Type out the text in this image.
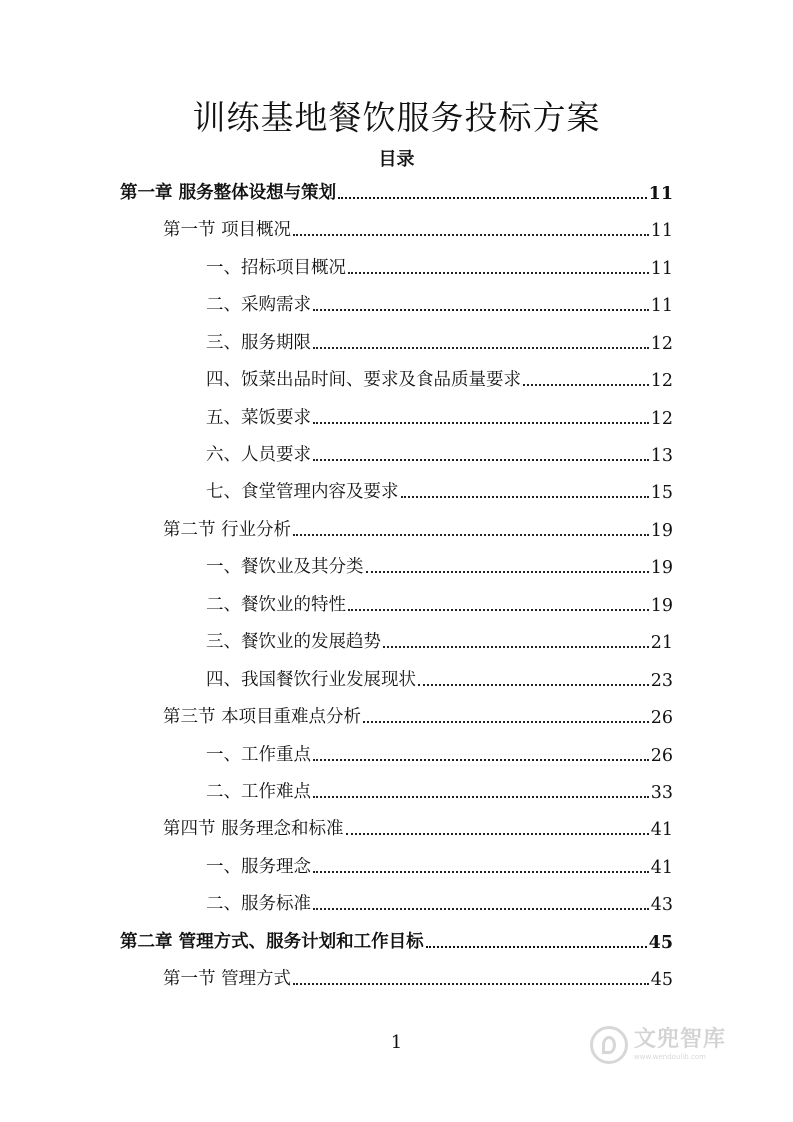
训练基地餐饮服务投标方案
目录
第一章 服务整体设想与策划	11
第一节 项目概况	11
一、招标项目概况	11
二、采购需求	11
三、服务期限	12
四、饭菜出品时间、要求及食品质量要求	12
五、菜饭要求	12
六、人员要求	13
七、食堂管理内容及要求	15
第二节 行业分析	19
一、餐饮业及其分类	19
二、餐饮业的特性	19
三、餐饮业的发展趋势	21
四、我国餐饮行业发展现状	23
第三节 本项目重难点分析	26
一、工作重点	26
二、工作难点	33
第四节 服务理念和标准	41
一、服务理念	41
二、服务标准	43
第二章 管理方式、服务计划和工作目标	45
第一节 管理方式	45
1	文兜智库
www.wendoulib.com
